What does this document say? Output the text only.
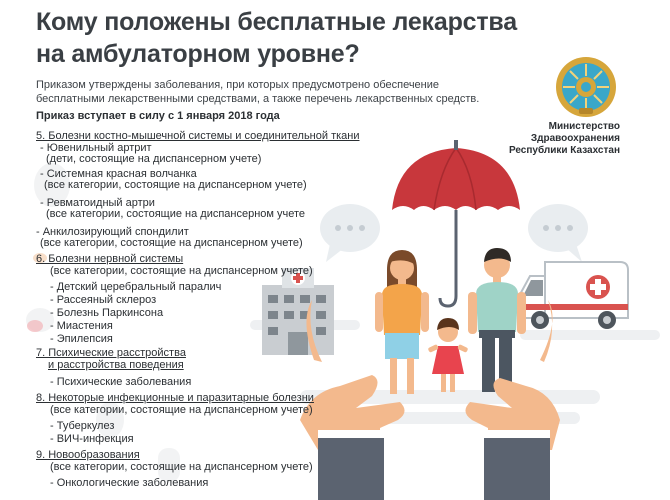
Кому положены бесплатные лекарства
на амбулаторном уровне?
Приказом утверждены заболевания, при которых предусмотрено обеспечение
бесплатными лекарственными средствами, а также перечень лекарственных средств.
Приказ вступает в силу с 1 января 2018 года
Министерство
Здравоохранения
Республики Казахстан
5. Болезни костно-мышечной системы и соединительной ткани
- Ювенильный артрит
(дети, состоящие на диспансерном учете)
- Системная красная волчанка
(все категории, состоящие на диспансерном учете)
- Ревматоидный артри
(все категории, состоящие на диспансерном учете
- Анкилозирующий спондилит
(все категории, состоящие на диспансерном учете)
6. Болезни нервной системы
(все категории, состоящие на диспансерном учете)
- Детский церебральный паралич
- Рассеяный склероз
- Болезнь Паркинсона
- Миастения
- Эпилепсия
7. Психические расстройства
и расстройства поведения
- Психические заболевания
8. Некоторые инфекционные и паразитарные болезни
(все категории, состоящие на диспансерном учете)
- Туберкулез
- ВИЧ-инфекция
9. Новообразования
(все категории, состоящие на диспансерном учете)
- Онкологические заболевания
